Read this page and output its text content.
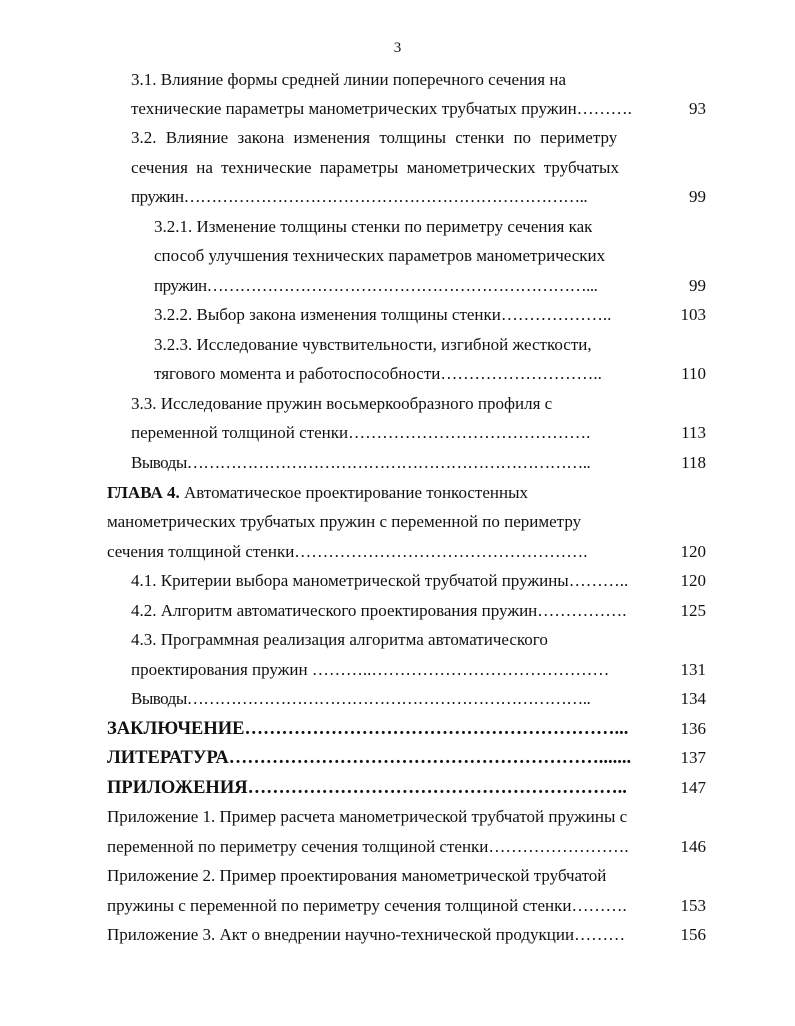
3
3.1. Влияние формы средней линии поперечного сечения на
технические параметры манометрических трубчатых пружин……….	93
3.2. Влияние закона изменения толщины стенки по периметру
сечения на технические параметры манометрических трубчатых
пружин………………………………………………………………..	99
3.2.1. Изменение толщины стенки по периметру сечения как
способ улучшения технических параметров манометрических
пружин……………………………………………………………...	99
3.2.2. Выбор закона изменения толщины стенки………………..	103
3.2.3. Исследование чувствительности, изгибной жесткости,
тягового момента и работоспособности………………………..	110
3.3. Исследование пружин восьмеркообразного профиля с
переменной толщиной стенки…………………………………….	113
Выводы………………………………………………………………..	118
ГЛАВА 4. Автоматическое проектирование тонкостенных
манометрических трубчатых пружин с переменной по периметру
сечения толщиной стенки…………………………………………….	120
4.1. Критерии выбора манометрической трубчатой пружины………..	120
4.2. Алгоритм автоматического проектирования пружин…………….	125
4.3. Программная реализация алгоритма автоматического
проектирования пружин ………..……………………………………	131
Выводы………………………………………………………………..	134
ЗАКЛЮЧЕНИЕ……………………………………………………...	136
ЛИТЕРАТУРА…………………………………………………….......	137
ПРИЛОЖЕНИЯ……………………………………………………..	147
Приложение 1. Пример расчета манометрической трубчатой пружины с
переменной по периметру сечения толщиной стенки…………………….	146
Приложение 2. Пример проектирования манометрической трубчатой
пружины с переменной по периметру сечения толщиной стенки……….	153
Приложение 3. Акт о внедрении научно-технической продукции………	156
